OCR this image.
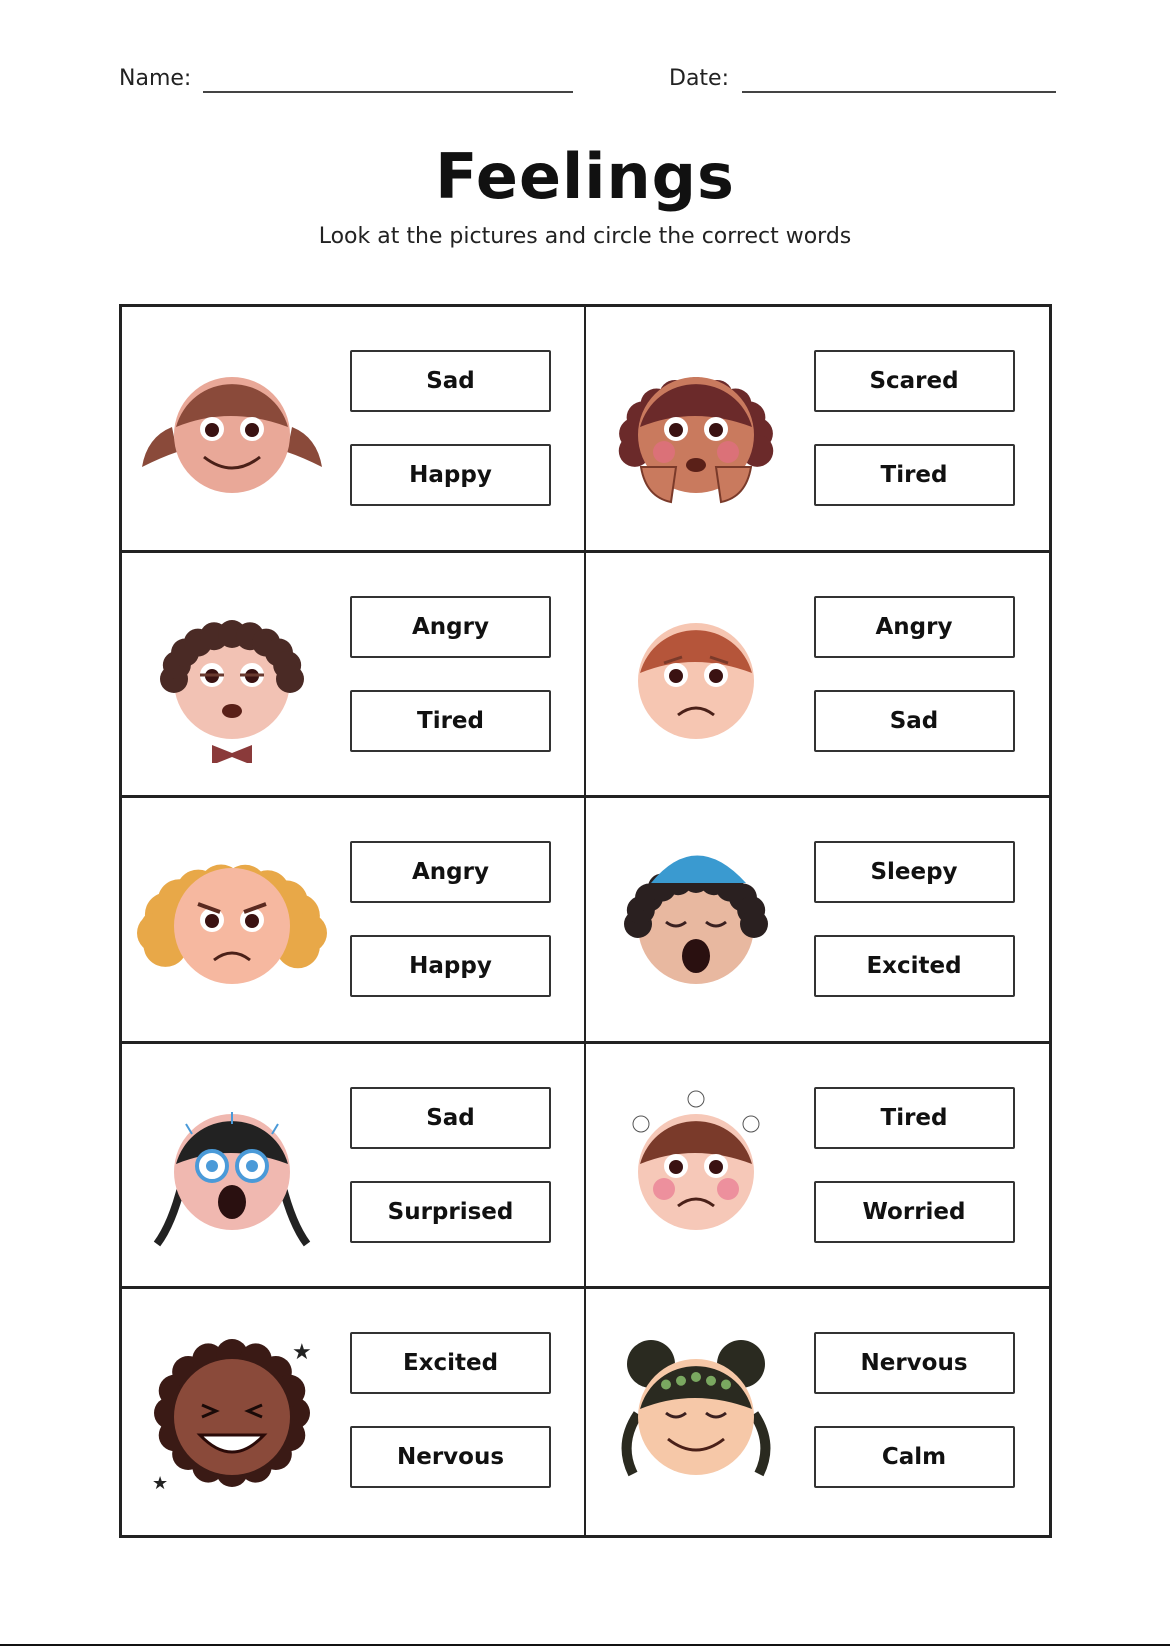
Name:	Date:
Feelings
Look at the pictures and circle the correct words
Sad
Happy
Scared
Tired
Angry
Tired
Angry
Sad
Angry
Happy
Sleepy
Excited
Sad
Surprised
Tired
Worried
★
★
Excited
Nervous
Nervous
Calm
